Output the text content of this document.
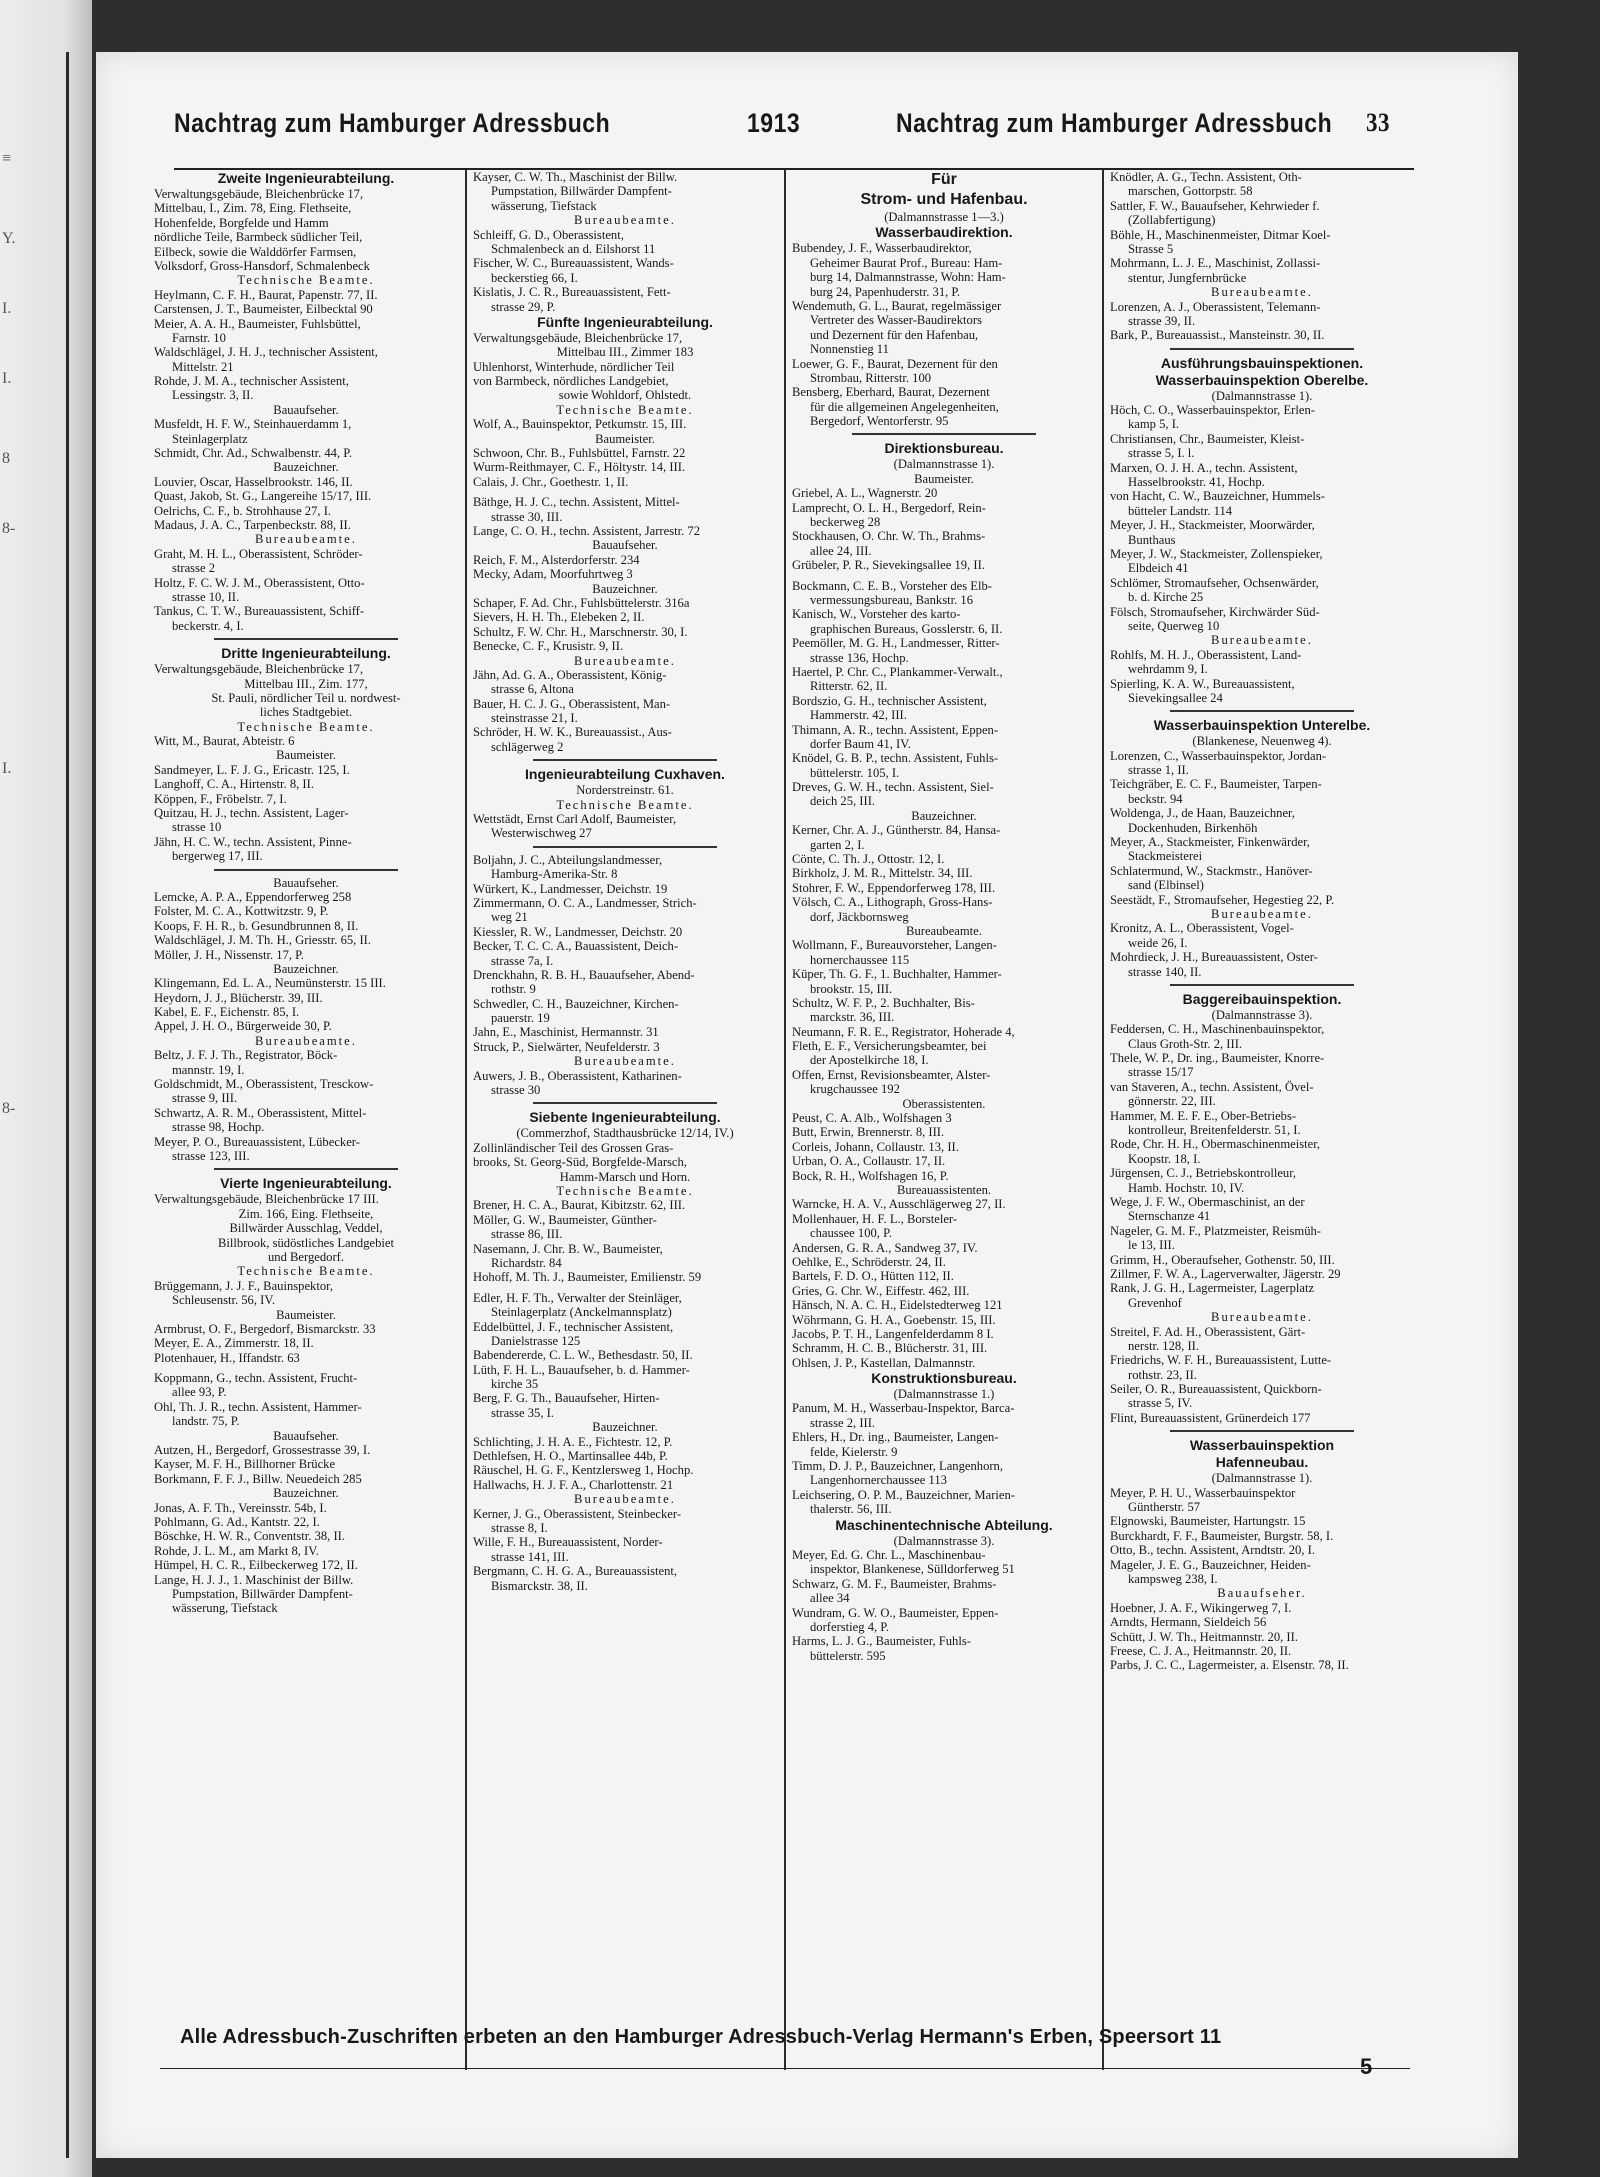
≡
Y.
I.
I.
8
8-
I.
8-
Nachtrag zum Hamburger Adressbuch	1913	Nachtrag zum Hamburger Adressbuch 33
Zweite Ingenieurabteilung.
Verwaltungsgebäude, Bleichenbrücke 17,
Mittelbau, I., Zim. 78, Eing. Flethseite,
Hohenfelde, Borgfelde und Hamm
nördliche Teile, Barmbeck südlicher Teil,
Eilbeck, sowie die Walddörfer Farmsen,
Volksdorf, Gross-Hansdorf, Schmalenbeck
Technische Beamte.
Heylmann, C. F. H., Baurat, Papenstr. 77, II.
Carstensen, J. T., Baumeister, Eilbecktal 90
Meier, A. A. H., Baumeister, Fuhlsbüttel,
Farnstr. 10
Waldschlägel, J. H. J., technischer Assistent,
Mittelstr. 21
Rohde, J. M. A., technischer Assistent,
Lessingstr. 3, II.
Bauaufseher.
Musfeldt, H. F. W., Steinhauerdamm 1,
Steinlagerplatz
Schmidt, Chr. Ad., Schwalbenstr. 44, P.
Bauzeichner.
Louvier, Oscar, Hasselbrookstr. 146, II.
Quast, Jakob, St. G., Langereihe 15/17, III.
Oelrichs, C. F., b. Strohhause 27, I.
Madaus, J. A. C., Tarpenbeckstr. 88, II.
Bureaubeamte.
Graht, M. H. L., Oberassistent, Schröder-
strasse 2
Holtz, F. C. W. J. M., Oberassistent, Otto-
strasse 10, II.
Tankus, C. T. W., Bureauassistent, Schiff-
beckerstr. 4, I.
Dritte Ingenieurabteilung.
Verwaltungsgebäude, Bleichenbrücke 17,
Mittelbau III., Zim. 177,
St. Pauli, nördlicher Teil u. nordwest-
liches Stadtgebiet.
Technische Beamte.
Witt, M., Baurat, Abteistr. 6
Baumeister.
Sandmeyer, L. F. J. G., Ericastr. 125, I.
Langhoff, C. A., Hirtenstr. 8, II.
Köppen, F., Fröbelstr. 7, I.
Quitzau, H. J., techn. Assistent, Lager-
strasse 10
Jähn, H. C. W., techn. Assistent, Pinne-
bergerweg 17, III.
Bauaufseher.
Lemcke, A. P. A., Eppendorferweg 258
Folster, M. C. A., Kottwitzstr. 9, P.
Koops, F. H. R., b. Gesundbrunnen 8, II.
Waldschlägel, J. M. Th. H., Griesstr. 65, II.
Möller, J. H., Nissenstr. 17, P.
Bauzeichner.
Klingemann, Ed. L. A., Neumünsterstr. 15 III.
Heydorn, J. J., Blücherstr. 39, III.
Kabel, E. F., Eichenstr. 85, I.
Appel, J. H. O., Bürgerweide 30, P.
Bureaubeamte.
Beltz, J. F. J. Th., Registrator, Böck-
mannstr. 19, I.
Goldschmidt, M., Oberassistent, Tresckow-
strasse 9, III.
Schwartz, A. R. M., Oberassistent, Mittel-
strasse 98, Hochp.
Meyer, P. O., Bureauassistent, Lübecker-
strasse 123, III.
Vierte Ingenieurabteilung.
Verwaltungsgebäude, Bleichenbrücke 17 III.
Zim. 166, Eing. Flethseite,
Billwärder Ausschlag, Veddel,
Billbrook, südöstliches Landgebiet
und Bergedorf.
Technische Beamte.
Brüggemann, J. J. F., Bauinspektor,
Schleusenstr. 56, IV.
Baumeister.
Armbrust, O. F., Bergedorf, Bismarckstr. 33
Meyer, E. A., Zimmerstr. 18, II.
Plotenhauer, H., Iffandstr. 63
Koppmann, G., techn. Assistent, Frucht-
allee 93, P.
Ohl, Th. J. R., techn. Assistent, Hammer-
landstr. 75, P.
Bauaufseher.
Autzen, H., Bergedorf, Grossestrasse 39, I.
Kayser, M. F. H., Billhorner Brücke
Borkmann, F. F. J., Billw. Neuedeich 285
Bauzeichner.
Jonas, A. F. Th., Vereinsstr. 54b, I.
Pohlmann, G. Ad., Kantstr. 22, I.
Böschke, H. W. R., Conventstr. 38, II.
Rohde, J. L. M., am Markt 8, IV.
Hümpel, H. C. R., Eilbeckerweg 172, II.
Lange, H. J. J., 1. Maschinist der Billw.
Pumpstation, Billwärder Dampfent-
wässerung, Tiefstack
Kayser, C. W. Th., Maschinist der Billw.
Pumpstation, Billwärder Dampfent-
wässerung, Tiefstack
Bureaubeamte.
Schleiff, G. D., Oberassistent,
Schmalenbeck an d. Eilshorst 11
Fischer, W. C., Bureauassistent, Wands-
beckerstieg 66, I.
Kislatis, J. C. R., Bureauassistent, Fett-
strasse 29, P.
Fünfte Ingenieurabteilung.
Verwaltungsgebäude, Bleichenbrücke 17,
Mittelbau III., Zimmer 183
Uhlenhorst, Winterhude, nördlicher Teil
von Barmbeck, nördliches Landgebiet,
sowie Wohldorf, Ohlstedt.
Technische Beamte.
Wolf, A., Bauinspektor, Petkumstr. 15, III.
Baumeister.
Schwoon, Chr. B., Fuhlsbüttel, Farnstr. 22
Wurm-Reithmayer, C. F., Höltystr. 14, III.
Calais, J. Chr., Goethestr. 1, II.
Bäthge, H. J. C., techn. Assistent, Mittel-
strasse 30, III.
Lange, C. O. H., techn. Assistent, Jarrestr. 72
Bauaufseher.
Reich, F. M., Alsterdorferstr. 234
Mecky, Adam, Moorfuhrtweg 3
Bauzeichner.
Schaper, F. Ad. Chr., Fuhlsbüttelerstr. 316a
Sievers, H. H. Th., Elebeken 2, II.
Schultz, F. W. Chr. H., Marschnerstr. 30, I.
Benecke, C. F., Krusistr. 9, II.
Bureaubeamte.
Jähn, Ad. G. A., Oberassistent, König-
strasse 6, Altona
Bauer, H. C. J. G., Oberassistent, Man-
steinstrasse 21, I.
Schröder, H. W. K., Bureauassist., Aus-
schlägerweg 2
Ingenieurabteilung Cuxhaven.
Norderstreinstr. 61.
Technische Beamte.
Wettstädt, Ernst Carl Adolf, Baumeister,
Westerwischweg 27
Boljahn, J. C., Abteilungslandmesser,
Hamburg-Amerika-Str. 8
Würkert, K., Landmesser, Deichstr. 19
Zimmermann, O. C. A., Landmesser, Strich-
weg 21
Kiessler, R. W., Landmesser, Deichstr. 20
Becker, T. C. C. A., Bauassistent, Deich-
strasse 7a, I.
Drenckhahn, R. B. H., Bauaufseher, Abend-
rothstr. 9
Schwedler, C. H., Bauzeichner, Kirchen-
pauerstr. 19
Jahn, E., Maschinist, Hermannstr. 31
Struck, P., Sielwärter, Neufelderstr. 3
Bureaubeamte.
Auwers, J. B., Oberassistent, Katharinen-
strasse 30
Siebente Ingenieurabteilung.
(Commerzhof, Stadthausbrücke 12/14, IV.)
Zollinländischer Teil des Grossen Gras-
brooks, St. Georg-Süd, Borgfelde-Marsch,
Hamm-Marsch und Horn.
Technische Beamte.
Brener, H. C. A., Baurat, Kibitzstr. 62, III.
Möller, G. W., Baumeister, Günther-
strasse 86, III.
Nasemann, J. Chr. B. W., Baumeister,
Richardstr. 84
Hohoff, M. Th. J., Baumeister, Emilienstr. 59
Edler, H. F. Th., Verwalter der Steinläger,
Steinlagerplatz (Anckelmannsplatz)
Eddelbüttel, J. F., technischer Assistent,
Danielstrasse 125
Babendererde, C. L. W., Bethesdastr. 50, II.
Lüth, F. H. L., Bauaufseher, b. d. Hammer-
kirche 35
Berg, F. G. Th., Bauaufseher, Hirten-
strasse 35, I.
Bauzeichner.
Schlichting, J. H. A. E., Fichtestr. 12, P.
Dethlefsen, H. O., Martinsallee 44b, P.
Räuschel, H. G. F., Kentzlersweg 1, Hochp.
Hallwachs, H. J. F. A., Charlottenstr. 21
Bureaubeamte.
Kerner, J. G., Oberassistent, Steinbecker-
strasse 8, I.
Wille, F. H., Bureauassistent, Norder-
strasse 141, III.
Bergmann, C. H. G. A., Bureauassistent,
Bismarckstr. 38, II.
Für
Strom- und Hafenbau.
(Dalmannstrasse 1—3.)
Wasserbaudirektion.
Bubendey, J. F., Wasserbaudirektor,
Geheimer Baurat Prof., Bureau: Ham-
burg 14, Dalmannstrasse, Wohn: Ham-
burg 24, Papenhuderstr. 31, P.
Wendemuth, G. L., Baurat, regelmässiger
Vertreter des Wasser-Baudirektors
und Dezernent für den Hafenbau,
Nonnenstieg 11
Loewer, G. F., Baurat, Dezernent für den
Strombau, Ritterstr. 100
Bensberg, Eberhard, Baurat, Dezernent
für die allgemeinen Angelegenheiten,
Bergedorf, Wentorferstr. 95
Direktionsbureau.
(Dalmannstrasse 1).
Baumeister.
Griebel, A. L., Wagnerstr. 20
Lamprecht, O. L. H., Bergedorf, Rein-
beckerweg 28
Stockhausen, O. Chr. W. Th., Brahms-
allee 24, III.
Grübeler, P. R., Sievekingsallee 19, II.
Bockmann, C. E. B., Vorsteher des Elb-
vermessungsbureau, Bankstr. 16
Kanisch, W., Vorsteher des karto-
graphischen Bureaus, Gosslerstr. 6, II.
Peemöller, M. G. H., Landmesser, Ritter-
strasse 136, Hochp.
Haertel, P. Chr. C., Plankammer-Verwalt.,
Ritterstr. 62, II.
Bordszio, G. H., technischer Assistent,
Hammerstr. 42, III.
Thimann, A. R., techn. Assistent, Eppen-
dorfer Baum 41, IV.
Knödel, G. B. P., techn. Assistent, Fuhls-
büttelerstr. 105, I.
Dreves, G. W. H., techn. Assistent, Siel-
deich 25, III.
Bauzeichner.
Kerner, Chr. A. J., Güntherstr. 84, Hansa-
garten 2, I.
Cönte, C. Th. J., Ottostr. 12, I.
Birkholz, J. M. R., Mittelstr. 34, III.
Stohrer, F. W., Eppendorferweg 178, III.
Völsch, C. A., Lithograph, Gross-Hans-
dorf, Jäckbornsweg
Bureaubeamte.
Wollmann, F., Bureauvorsteher, Langen-
hornerchaussee 115
Küper, Th. G. F., 1. Buchhalter, Hammer-
brookstr. 15, III.
Schultz, W. F. P., 2. Buchhalter, Bis-
marckstr. 36, III.
Neumann, F. R. E., Registrator, Hoherade 4,
Fleth, E. F., Versicherungsbeamter, bei
der Apostelkirche 18, I.
Offen, Ernst, Revisionsbeamter, Alster-
krugchaussee 192
Oberassistenten.
Peust, C. A. Alb., Wolfshagen 3
Butt, Erwin, Brennerstr. 8, III.
Corleis, Johann, Collaustr. 13, II.
Urban, O. A., Collaustr. 17, II.
Bock, R. H., Wolfshagen 16, P.
Bureauassistenten.
Warncke, H. A. V., Ausschlägerweg 27, II.
Mollenhauer, H. F. L., Borsteler-
chaussee 100, P.
Andersen, G. R. A., Sandweg 37, IV.
Oehlke, E., Schröderstr. 24, II.
Bartels, F. D. O., Hütten 112, II.
Gries, G. Chr. W., Eiffestr. 462, III.
Hänsch, N. A. C. H., Eidelstedterweg 121
Wöhrmann, G. H. A., Goebenstr. 15, III.
Jacobs, P. T. H., Langenfelderdamm 8 I.
Schramm, H. C. B., Blücherstr. 31, III.
Ohlsen, J. P., Kastellan, Dalmannstr.
Konstruktionsbureau.
(Dalmannstrasse 1.)
Panum, M. H., Wasserbau-Inspektor, Barca-
strasse 2, III.
Ehlers, H., Dr. ing., Baumeister, Langen-
felde, Kielerstr. 9
Timm, D. J. P., Bauzeichner, Langenhorn,
Langenhornerchaussee 113
Leichsering, O. P. M., Bauzeichner, Marien-
thalerstr. 56, III.
Maschinentechnische Abteilung.
(Dalmannstrasse 3).
Meyer, Ed. G. Chr. L., Maschinenbau-
inspektor, Blankenese, Sülldorferweg 51
Schwarz, G. M. F., Baumeister, Brahms-
allee 34
Wundram, G. W. O., Baumeister, Eppen-
dorferstieg 4, P.
Harms, L. J. G., Baumeister, Fuhls-
büttelerstr. 595
Knödler, A. G., Techn. Assistent, Oth-
marschen, Gottorpstr. 58
Sattler, F. W., Bauaufseher, Kehrwieder f.
(Zollabfertigung)
Böhle, H., Maschinenmeister, Ditmar Koel-
Strasse 5
Mohrmann, L. J. E., Maschinist, Zollassi-
stentur, Jungfernbrücke
Bureaubeamte.
Lorenzen, A. J., Oberassistent, Telemann-
strasse 39, II.
Bark, P., Bureauassist., Mansteinstr. 30, II.
Ausführungsbauinspektionen.
Wasserbauinspektion Oberelbe.
(Dalmannstrasse 1).
Höch, C. O., Wasserbauinspektor, Erlen-
kamp 5, I.
Christiansen, Chr., Baumeister, Kleist-
strasse 5, I. l.
Marxen, O. J. H. A., techn. Assistent,
Hasselbrookstr. 41, Hochp.
von Hacht, C. W., Bauzeichner, Hummels-
bütteler Landstr. 114
Meyer, J. H., Stackmeister, Moorwärder,
Bunthaus
Meyer, J. W., Stackmeister, Zollenspieker,
Elbdeich 41
Schlömer, Stromaufseher, Ochsenwärder,
b. d. Kirche 25
Fölsch, Stromaufseher, Kirchwärder Süd-
seite, Querweg 10
Bureaubeamte.
Rohlfs, M. H. J., Oberassistent, Land-
wehrdamm 9, I.
Spierling, K. A. W., Bureauassistent,
Sievekingsallee 24
Wasserbauinspektion Unterelbe.
(Blankenese, Neuenweg 4).
Lorenzen, C., Wasserbauinspektor, Jordan-
strasse 1, II.
Teichgräber, E. C. F., Baumeister, Tarpen-
beckstr. 94
Woldenga, J., de Haan, Bauzeichner,
Dockenhuden, Birkenhöh
Meyer, A., Stackmeister, Finkenwärder,
Stackmeisterei
Schlatermund, W., Stackmstr., Hanöver-
sand (Elbinsel)
Seestädt, F., Stromaufseher, Hegestieg 22, P.
Bureaubeamte.
Kronitz, A. L., Oberassistent, Vogel-
weide 26, I.
Mohrdieck, J. H., Bureauassistent, Oster-
strasse 140, II.
Baggereibauinspektion.
(Dalmannstrasse 3).
Feddersen, C. H., Maschinenbauinspektor,
Claus Groth-Str. 2, III.
Thele, W. P., Dr. ing., Baumeister, Knorre-
strasse 15/17
van Staveren, A., techn. Assistent, Övel-
gönnerstr. 22, III.
Hammer, M. E. F. E., Ober-Betriebs-
kontrolleur, Breitenfelderstr. 51, I.
Rode, Chr. H. H., Obermaschinenmeister,
Koopstr. 18, I.
Jürgensen, C. J., Betriebskontrolleur,
Hamb. Hochstr. 10, IV.
Wege, J. F. W., Obermaschinist, an der
Sternschanze 41
Nageler, G. M. F., Platzmeister, Reismüh-
le 13, III.
Grimm, H., Oberaufseher, Gothenstr. 50, III.
Zillmer, F. W. A., Lagerverwalter, Jägerstr. 29
Rank, J. G. H., Lagermeister, Lagerplatz
Grevenhof
Bureaubeamte.
Streitel, F. Ad. H., Oberassistent, Gärt-
nerstr. 128, II.
Friedrichs, W. F. H., Bureauassistent, Lutte-
rothstr. 23, II.
Seiler, O. R., Bureauassistent, Quickborn-
strasse 5, IV.
Flint, Bureauassistent, Grünerdeich 177
Wasserbauinspektion
Hafenneubau.
(Dalmannstrasse 1).
Meyer, P. H. U., Wasserbauinspektor
Güntherstr. 57
Elgnowski, Baumeister, Hartungstr. 15
Burckhardt, F. F., Baumeister, Burgstr. 58, I.
Otto, B., techn. Assistent, Arndtstr. 20, I.
Mageler, J. E. G., Bauzeichner, Heiden-
kampsweg 238, I.
Bauaufseher.
Hoebner, J. A. F., Wikingerweg 7, I.
Arndts, Hermann, Sieldeich 56
Schütt, J. W. Th., Heitmannstr. 20, II.
Freese, C. J. A., Heitmannstr. 20, II.
Parbs, J. C. C., Lagermeister, a. Elsenstr. 78, II.
Alle Adressbuch-Zuschriften erbeten an den Hamburger Adressbuch-Verlag Hermann's Erben, Speersort 11
5
